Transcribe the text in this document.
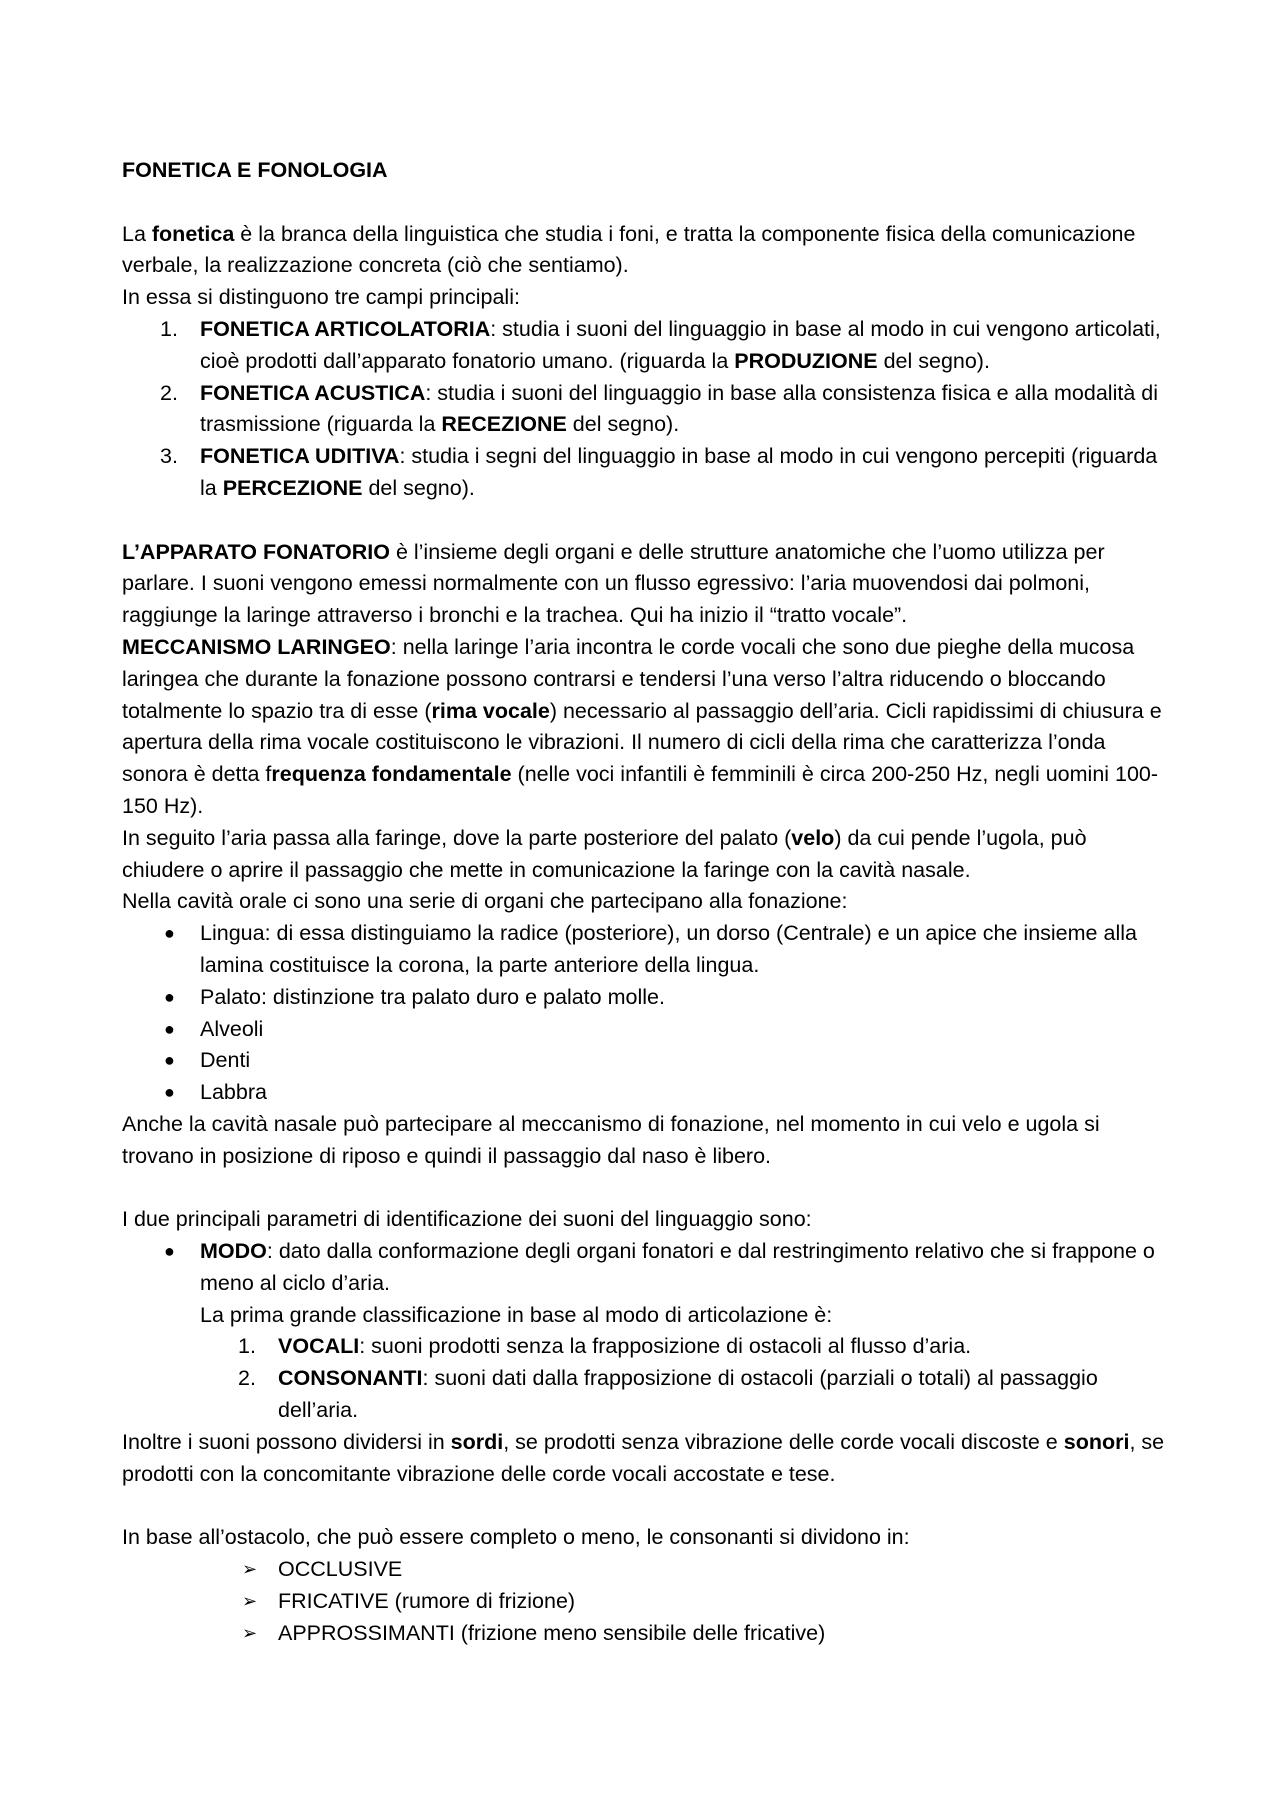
FONETICA E FONOLOGIA

La fonetica è la branca della linguistica che studia i foni, e tratta la componente fisica della comunicazione verbale, la realizzazione concreta (ciò che sentiamo).

In essa si distinguono tre campi principali:

1.	FONETICA ARTICOLATORIA: studia i suoni del linguaggio in base al modo in cui vengono articolati, cioè prodotti dall’apparato fonatorio umano. (riguarda la PRODUZIONE del segno).
2.	FONETICA ACUSTICA: studia i suoni del linguaggio in base alla consistenza fisica e alla modalità di trasmissione (riguarda la RECEZIONE del segno).
3.	FONETICA UDITIVA: studia i segni del linguaggio in base al modo in cui vengono percepiti (riguarda la PERCEZIONE del segno).

L’APPARATO FONATORIO è l’insieme degli organi e delle strutture anatomiche che l’uomo utilizza per parlare. I suoni vengono emessi normalmente con un flusso egressivo: l’aria muovendosi dai polmoni, raggiunge la laringe attraverso i bronchi e la trachea. Qui ha inizio il “tratto vocale”.

MECCANISMO LARINGEO: nella laringe l’aria incontra le corde vocali che sono due pieghe della mucosa laringea che durante la fonazione possono contrarsi e tendersi l’una verso l’altra riducendo o bloccando totalmente lo spazio tra di esse (rima vocale) necessario al passaggio dell’aria. Cicli rapidissimi di chiusura e apertura della rima vocale costituiscono le vibrazioni. Il numero di cicli della rima che caratterizza l’onda sonora è detta frequenza fondamentale (nelle voci infantili è femminili è circa 200-250 Hz, negli uomini 100-150 Hz).

In seguito l’aria passa alla faringe, dove la parte posteriore del palato (velo) da cui pende l’ugola, può chiudere o aprire il passaggio che mette in comunicazione la faringe con la cavità nasale.

Nella cavità orale ci sono una serie di organi che partecipano alla fonazione:

● Lingua: di essa distinguiamo la radice (posteriore), un dorso (Centrale) e un apice che insieme alla lamina costituisce la corona, la parte anteriore della lingua.
● Palato: distinzione tra palato duro e palato molle.
● Alveoli
● Denti
● Labbra

Anche la cavità nasale può partecipare al meccanismo di fonazione, nel momento in cui velo e ugola si trovano in posizione di riposo e quindi il passaggio dal naso è libero.

I due principali parametri di identificazione dei suoni del linguaggio sono:

● MODO: dato dalla conformazione degli organi fonatori e dal restringimento relativo che si frappone o meno al ciclo d’aria.

La prima grande classificazione in base al modo di articolazione è:

1.	VOCALI: suoni prodotti senza la frapposizione di ostacoli al flusso d’aria.
2.	CONSONANTI: suoni dati dalla frapposizione di ostacoli (parziali o totali) al passaggio dell’aria.

Inoltre i suoni possono dividersi in sordi, se prodotti senza vibrazione delle corde vocali discoste e sonori, se prodotti con la concomitante vibrazione delle corde vocali accostate e tese.

In base all’ostacolo, che può essere completo o meno, le consonanti si dividono in:

➢ OCCLUSIVE
➢ FRICATIVE (rumore di frizione)
➢ APPROSSIMANTI (frizione meno sensibile delle fricative)
